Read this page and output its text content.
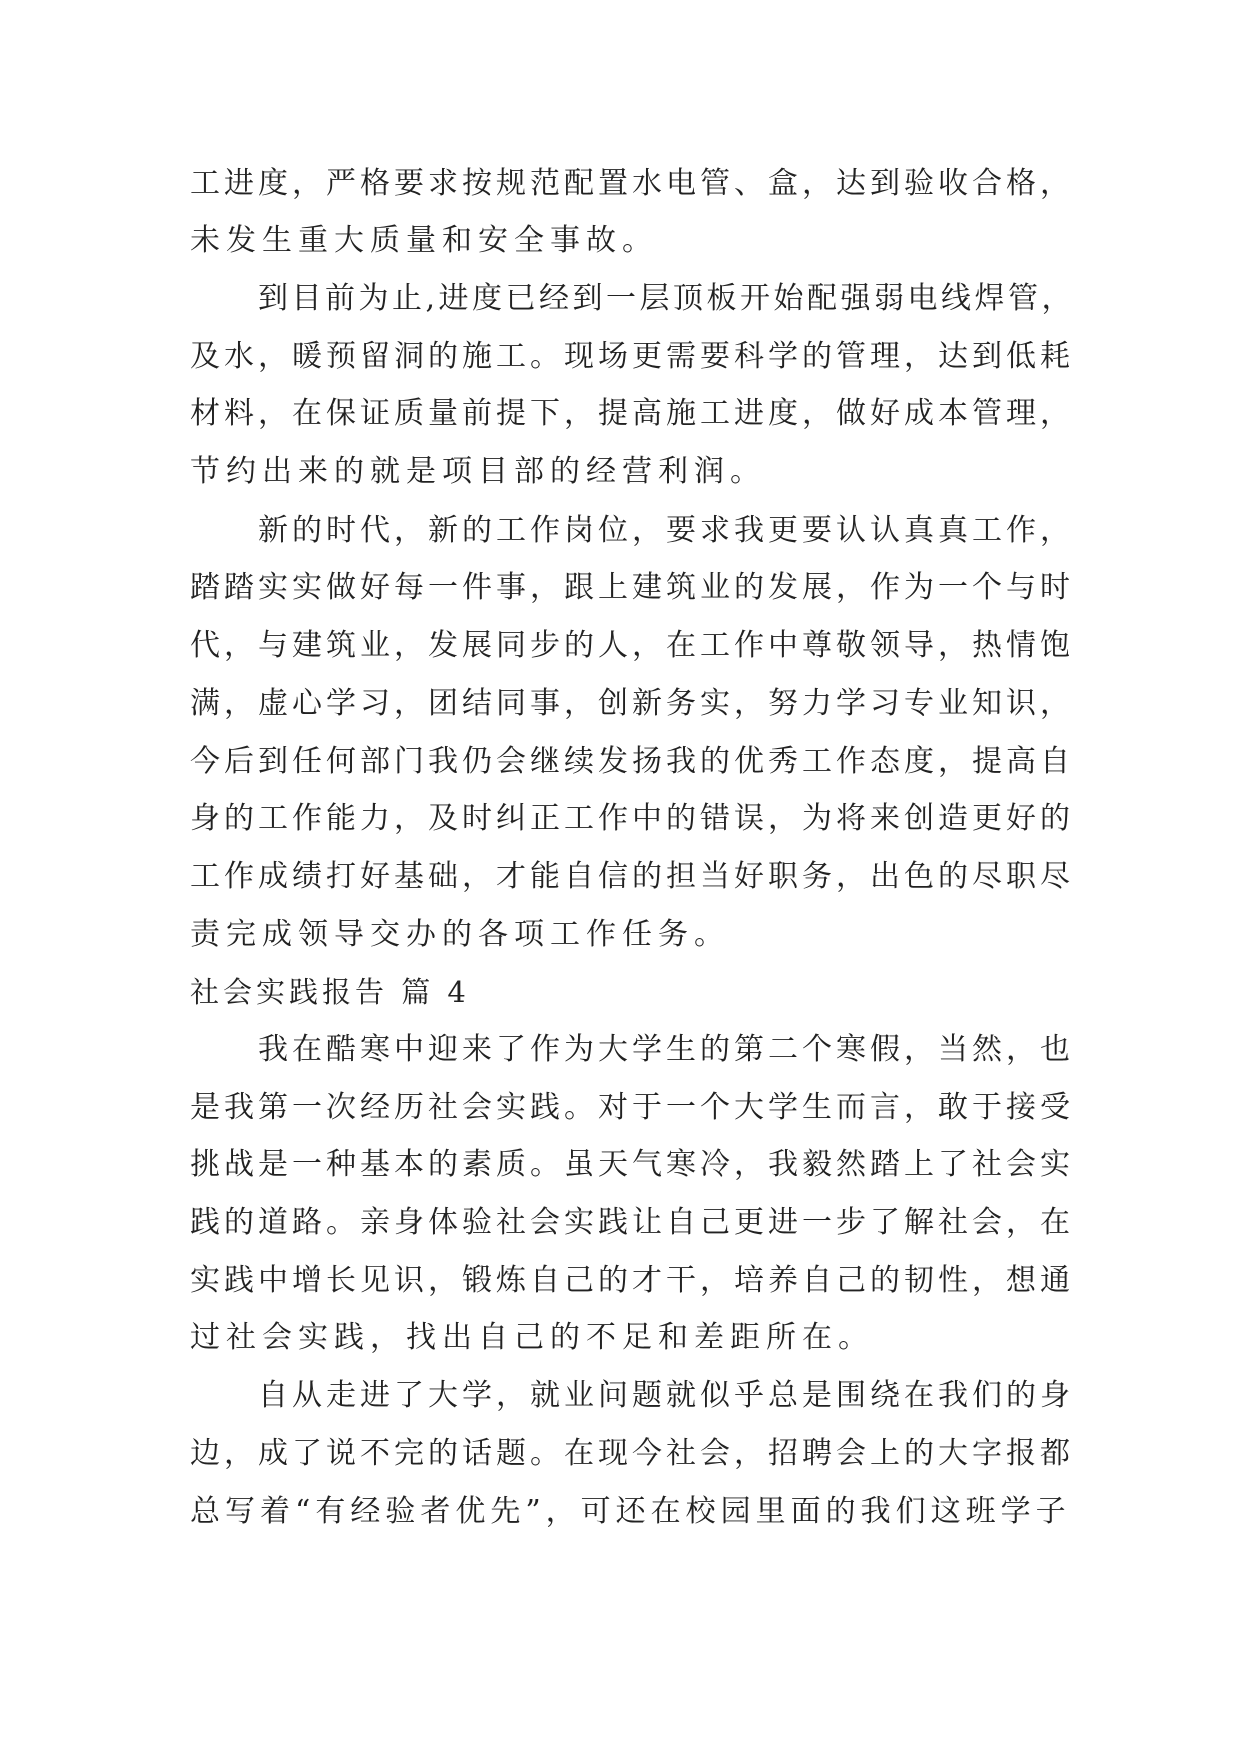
工进度，严格要求按规范配置水电管、盒，达到验收合格，
未发生重大质量和安全事故。
到目前为止,进度已经到一层顶板开始配强弱电线焊管，
及水，暖预留洞的施工。现场更需要科学的管理，达到低耗
材料，在保证质量前提下，提高施工进度，做好成本管理，
节约出来的就是项目部的经营利润。
新的时代，新的工作岗位，要求我更要认认真真工作，
踏踏实实做好每一件事，跟上建筑业的发展，作为一个与时
代，与建筑业，发展同步的人，在工作中尊敬领导，热情饱
满，虚心学习，团结同事，创新务实，努力学习专业知识，
今后到任何部门我仍会继续发扬我的优秀工作态度，提高自
身的工作能力，及时纠正工作中的错误，为将来创造更好的
工作成绩打好基础，才能自信的担当好职务，出色的尽职尽
责完成领导交办的各项工作任务。
社会实践报告 篇 4
我在酷寒中迎来了作为大学生的第二个寒假，当然，也
是我第一次经历社会实践。对于一个大学生而言，敢于接受
挑战是一种基本的素质。虽天气寒冷，我毅然踏上了社会实
践的道路。亲身体验社会实践让自己更进一步了解社会，在
实践中增长见识，锻炼自己的才干，培养自己的韧性，想通
过社会实践，找出自己的不足和差距所在。
自从走进了大学，就业问题就似乎总是围绕在我们的身
边，成了说不完的话题。在现今社会，招聘会上的大字报都
总写着“有经验者优先”，可还在校园里面的我们这班学子
